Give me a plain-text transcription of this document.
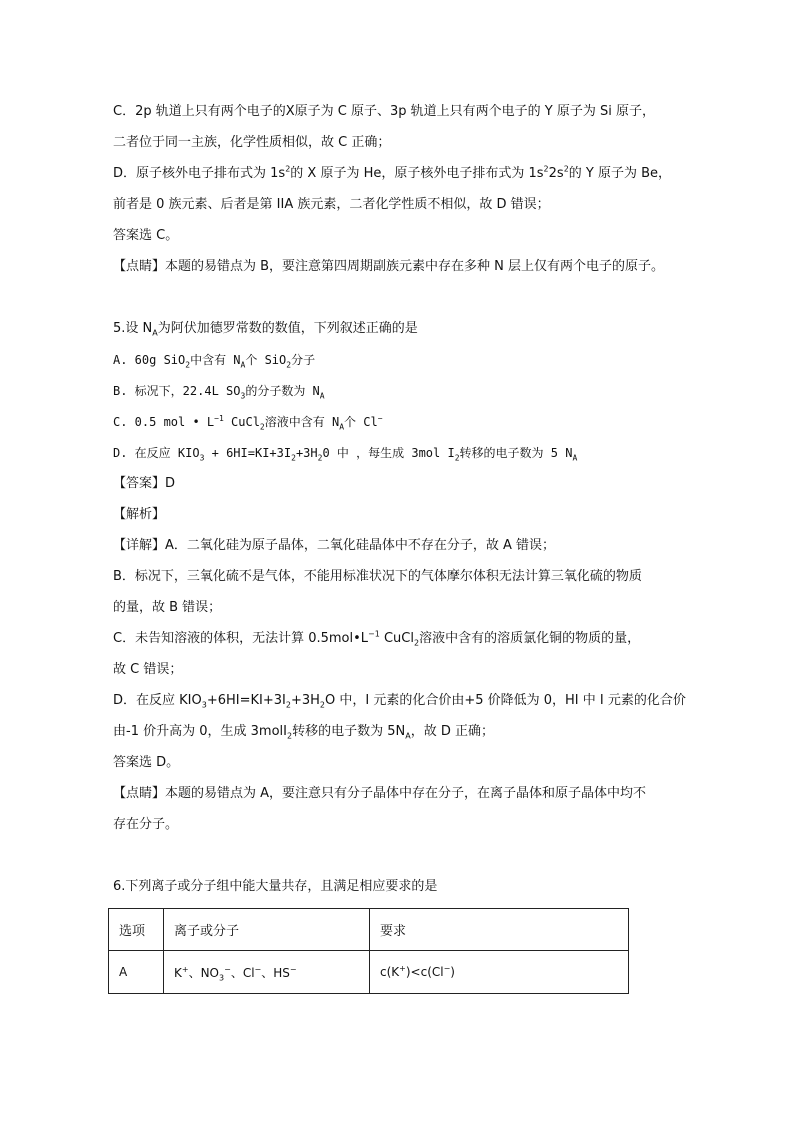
C．2p 轨道上只有两个电子的X原子为 C 原子、3p 轨道上只有两个电子的 Y 原子为 Si 原子，
二者位于同一主族，化学性质相似，故 C 正确；
D．原子核外电子排布式为 $1s^2$的 X 原子为 He，原子核外电子排布式为 $1s^22s^2$的 Y 原子为 Be，
前者是 0 族元素、后者是第 IIA 族元素，二者化学性质不相似，故 D 错误；
答案选 C。
【点睛】本题的易错点为 B，要注意第四周期副族元素中存在多种 N 层上仅有两个电子的原子。
5.设 $N_A$为阿伏加德罗常数的数值，下列叙述正确的是
A. 60g SiO$_2$中含有 $N_A$个 SiO$_2$分子
B. 标况下，22.4L $SO_3$的分子数为 $N_A$
C. 0.5 mol • $L^{-1}$ CuCl$_2$溶液中含有 $N_A$个 Cl−
D. 在反应 $KIO_3 + 6HI=KI+3I_2+3H_20$ 中 ，每生成 3mol $I_2$转移的电子数为 5 $N_A$
【答案】D
【解析】
【详解】A．二氧化硅为原子晶体，二氧化硅晶体中不存在分子，故 A 错误；
B．标况下，三氧化硫不是气体，不能用标准状况下的气体摩尔体积无法计算三氧化硫的物质
的量，故 B 错误；
C．未告知溶液的体积，无法计算 $0.5mol•L^{-1}$ CuCl$_2$溶液中含有的溶质氯化铜的物质的量，
故 C 错误；
D．在反应 $KIO_3+6HI=KI+3I_2+3H_2O$ 中，I 元素的化合价由+5 价降低为 0，HI 中 I 元素的化合价
由-1 价升高为 0，生成 3molI$_2$转移的电子数为 $5N_A$，故 D 正确；
答案选 D。
【点睛】本题的易错点为 A，要注意只有分子晶体中存在分子，在离子晶体和原子晶体中均不
存在分子。
6.下列离子或分子组中能大量共存，且满足相应要求的是
选项	离子或分子	要求
A	K+、$NO_3^-$、Cl−、HS−	c(K+)<c(Cl−)
